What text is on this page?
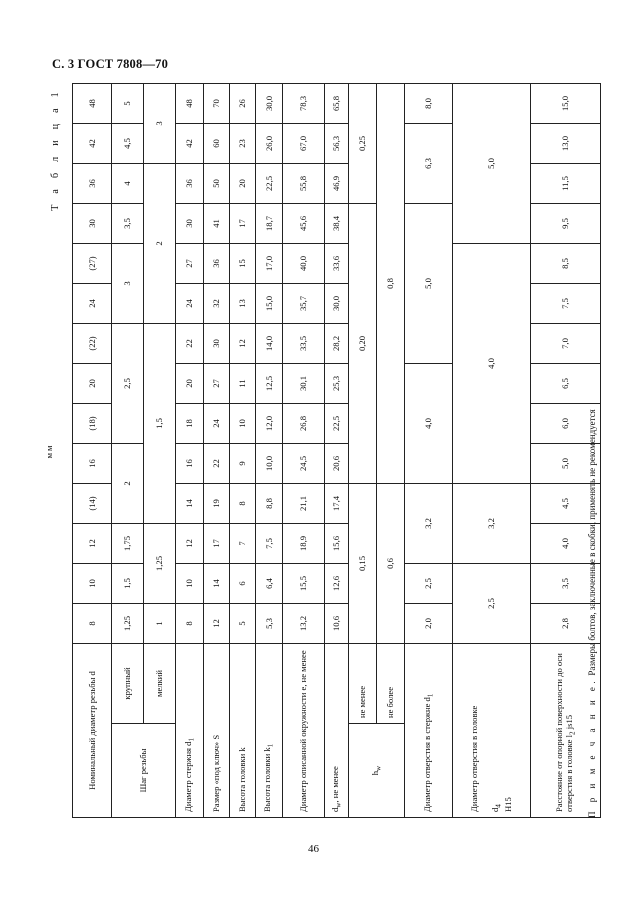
С. 3 ГОСТ 7808—70
мм
Т а б л и ц а 1
Номинальный диаметр резьбы d		8	10	12	(14)	16	(18)	20	(22)	24	(27)	30	36	42	48
Шаг резьбы	крупный	1,25	1,5	1,75	2		2,5			3		3,5	4	4,5	5
	мелкий	1	1,25		1,5					2				3	
Диаметр стержня $d_1$		8	10	12	14	16	18	20	22	24	27	30	36	42	48
Размер «под ключ» S		12	14	17	19	22	24	27	30	32	36	41	50	60	70
Высота головки k		5	6	7	8	9	10	11	12	13	15	17	20	23	26
Высота головки $k_1$		5,3	6,4	7,5	8,8	10,0	12,0	12,5	14,0	15,0	17,0	18,7	22,5	26,0	30,0
Диаметр описанной окружности e, не менее		13,2	15,5	18,9	21,1	24,5	26,8	30,1	33,5	35,7	40,0	45,6	55,8	67,0	78,3
$d_w$, не менее		10,6	12,6	15,6	17,4	20,6	22,5	25,3	28,2	30,0	33,6	38,4	46,9	56,3	65,8
$h_w$	не менее	0,15				0,20							0,25		
	не более	0,6				0,8									
Диаметр отверстия в стержне $d_1$		2,0	2,5	3,2		4,0			5,0				6,3		8,0
Диаметр отверстия в головке $d_4$
H15		2,5		3,2		4,0						5,0			
Расстояние от опорной поверхности до оси отверстия в головке $l_2$ js15		2,8	3,5	4,0	4,5	5,0	6,0	6,5	7,0	7,5	8,5	9,5	11,5	13,0	15,0
П р и м е ч а н и е. Размеры болтов, заключенные в скобки, применять не рекомендуется
46
